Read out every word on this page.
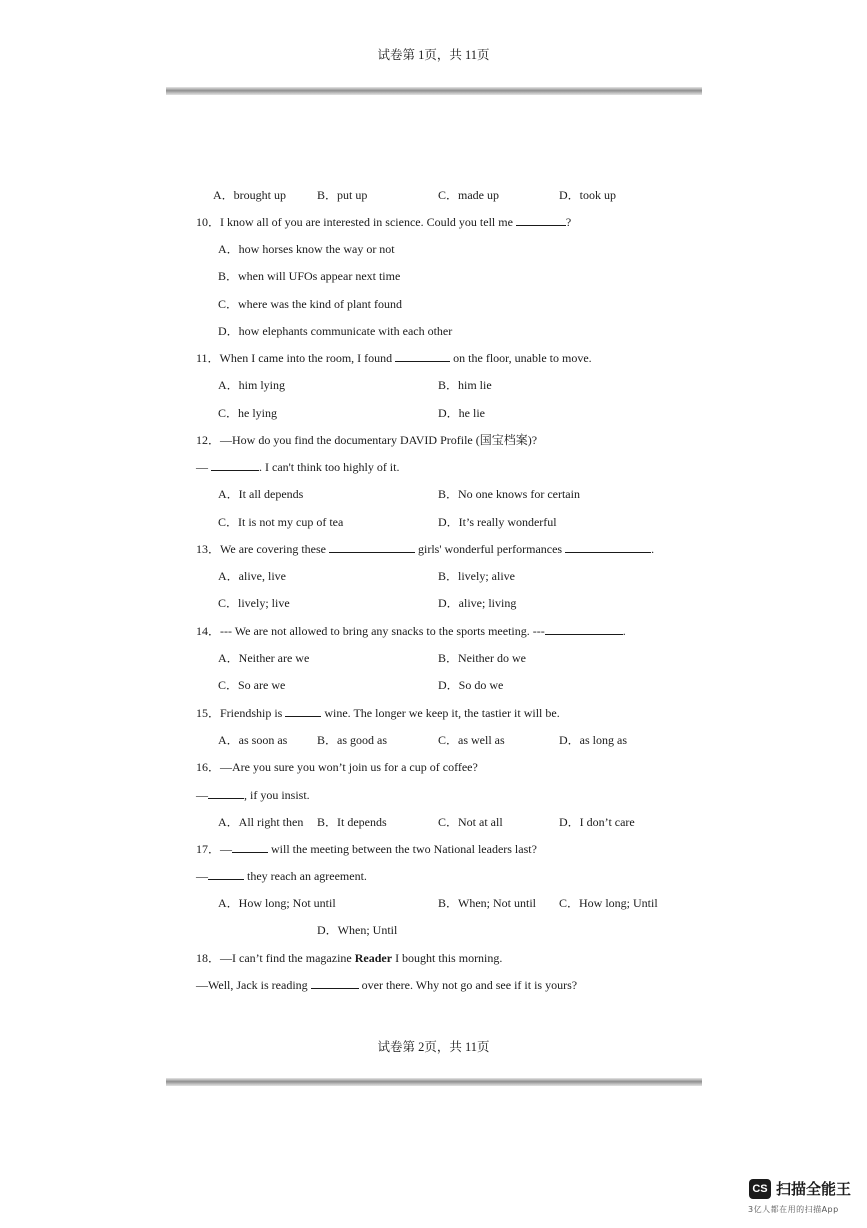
试卷第 1页，共 11页
A．brought up	B．put up	C．made up	D．took up
10．I know all of you are interested in science. Could you tell me	?
A．how horses know the way or not
B．when will UFOs appear next time
C．where was the kind of plant found
D．how elephants communicate with each other
11．When I came into the room, I found	on the floor, unable to move.
A．him lying	B．him lie
C．he lying	D．he lie
12．—How do you find the documentary DAVID Profile (国宝档案)?
—	. I can't think too highly of it.
A．It all depends	B．No one knows for certain
C．It is not my cup of tea	D．It’s really wonderful
13．We are covering these	girls' wonderful performances	.
A．alive, live	B．lively; alive
C．lively; live	D．alive; living
14．--- We are not allowed to bring any snacks to the sports meeting. ---	.
A．Neither are we	B．Neither do we
C．So are we	D．So do we
15．Friendship is	wine. The longer we keep it, the tastier it will be.
A．as soon as B．as good as	C．as well as	D．as long as
16．—Are you sure you won’t join us for a cup of coffee?
—	, if you insist.
A．All right then B．It depends	C．Not at all	D．I don’t care
17．—	will the meeting between the two National leaders last?
—	they reach an agreement.
A．How long; Not until	B．When; Not until C．How long; Until
D．When; Until
18．—I can’t find the magazine Reader I bought this morning.
—Well, Jack is reading	over there. Why not go and see if it is yours?
试卷第 2页，共 11页
CS 扫描全能王
3亿人都在用的扫描App
